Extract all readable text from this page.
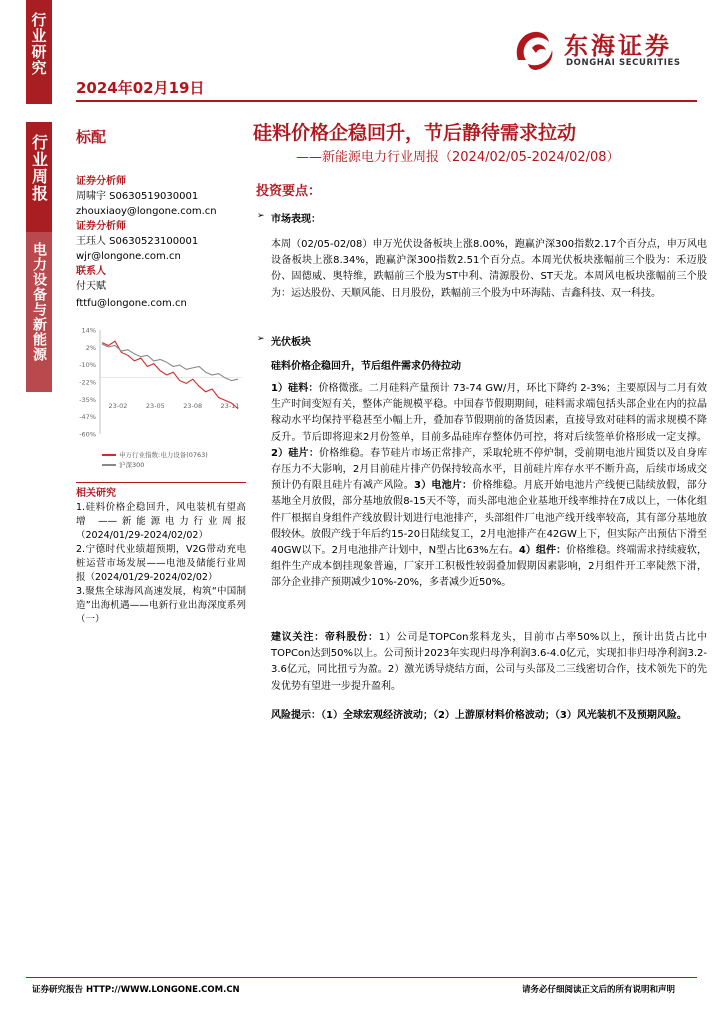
行业研究
行业周报
电力设备与新能源
2024年02月19日
东海证券
DONGHAI SECURITIES
标配	硅料价格企稳回升，节后静待需求拉动
——新能源电力行业周报（2024/02/05-2024/02/08）
证券分析师
周啸宇 S0630519030001
zhouxiaoy@longone.com.cn
证券分析师
王珏人 S0630523100001
wjr@longone.com.cn
联系人
付天赋
fttfu@longone.com.cn
14%
2%
-10%
-22%
-35%
-47%
-60%
23-02	23-05	23-08	23-11
申万行业指数:电力设备(0763)
沪深300
相关研究
1.硅料价格企稳回升，风电装机有望高增 ——新能源电力行业周报（2024/01/29-2024/02/02）
2.宁德时代业绩超预期，V2G带动充电桩运营市场发展——电池及储能行业周报（2024/01/29-2024/02/02）
3.聚焦全球海风高速发展，构筑“中国制造”出海机遇——电新行业出海深度系列（一）
投资要点：
➢ 市场表现：
本周（02/05-02/08）申万光伏设备板块上涨8.00%，跑赢沪深300指数2.17个百分点，申万风电设备板块上涨8.34%，跑赢沪深300指数2.51个百分点。本周光伏板块涨幅前三个股为：禾迈股份、固德威、奥特维，跌幅前三个股为ST中利、清源股份、ST天龙。本周风电板块涨幅前三个股为：运达股份、天顺风能、日月股份，跌幅前三个股为中环海陆、吉鑫科技、双一科技。
➢ 光伏板块
硅料价格企稳回升，节后组件需求仍待拉动
1）硅料：价格微涨。二月硅料产量预计 73-74 GW/月，环比下降约 2-3%；主要原因与二月有效生产时间变短有关，整体产能规模平稳。中国春节假期期间，硅料需求端包括头部企业在内的拉晶稼动水平均保持平稳甚至小幅上升，叠加春节假期前的备货因素，直接导致对硅料的需求规模不降反升。节后即将迎来2月份签单，目前多晶硅库存整体仍可控，将对后续签单价格形成一定支撑。2）硅片：价格维稳。春节硅片市场正常排产，采取轮班不停炉制，受前期电池片囤货以及自身库存压力不大影响，2月目前硅片排产仍保持较高水平，目前硅片库存水平不断升高，后续市场成交预计仍有限且硅片有减产风险。3）电池片：价格维稳。月底开始电池片产线便已陆续放假，部分基地全月放假，部分基地放假8-15天不等，而头部电池企业基地开线率维持在7成以上，一体化组件厂根据自身组件产线放假计划进行电池排产，头部组件厂电池产线开线率较高，其有部分基地放假较休。放假产线于年后约15-20日陆续复工，2月电池排产在42GW上下，但实际产出预估下滑至40GW以下。2月电池排产计划中，N型占比63%左右。4）组件：价格维稳。终端需求持续疲软，组件生产成本倒挂现象普遍，厂家开工积极性较弱叠加假期因素影响，2月组件开工率陡然下滑，部分企业排产预期减少10%-20%，多者减少近50%。
建议关注：帝科股份：1）公司是TOPCon浆料龙头，目前市占率50%以上，预计出货占比中TOPCon达到50%以上。公司预计2023年实现归母净利润3.6-4.0亿元，实现扣非归母净利润3.2-3.6亿元，同比扭亏为盈。2）激光诱导烧结方面，公司与头部及二三线密切合作，技术领先下的先发优势有望进一步提升盈利。
风险提示：（1）全球宏观经济波动；（2）上游原材料价格波动；（3）风光装机不及预期风险。
证券研究报告 HTTP://WWW.LONGONE.COM.CN	请务必仔细阅读正文后的所有说明和声明
